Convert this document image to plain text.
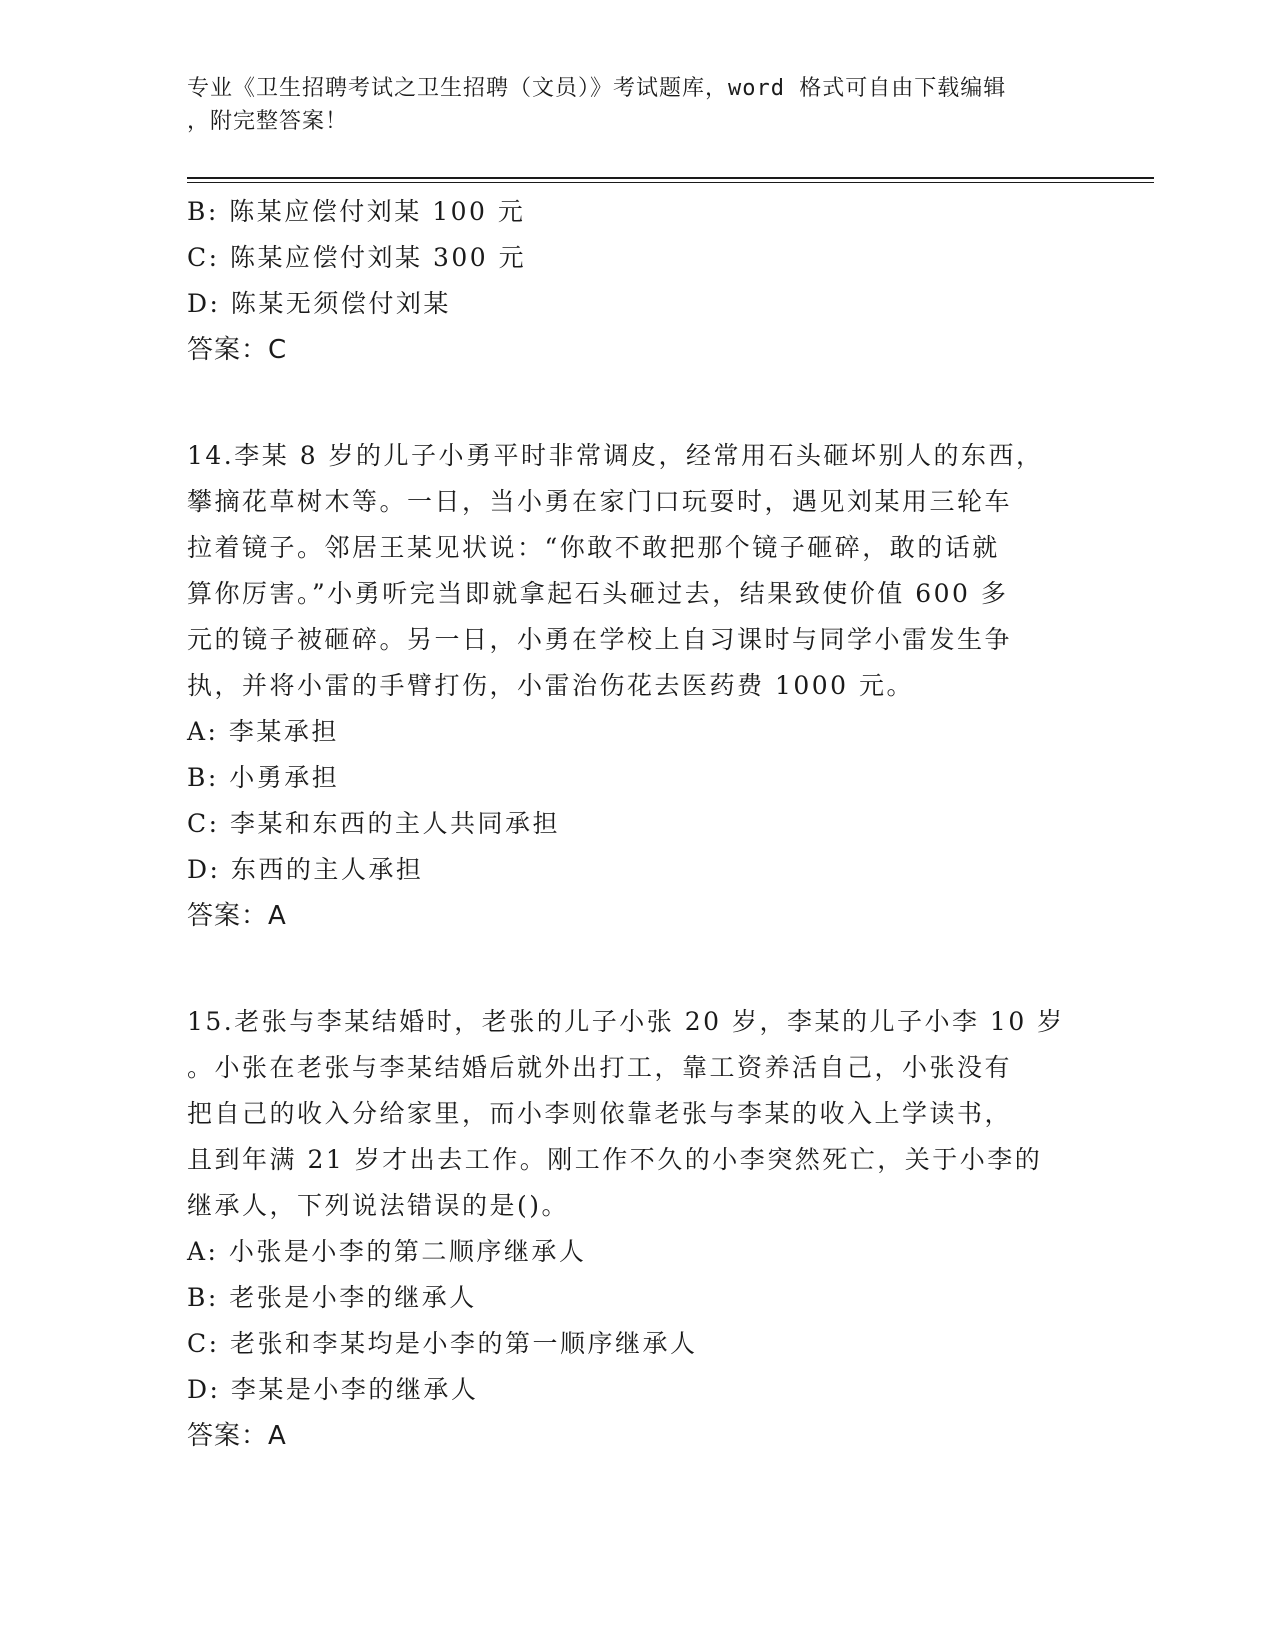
专业《卫生招聘考试之卫生招聘（文员）》考试题库，word 格式可自由下载编辑
，附完整答案！
B: 陈某应偿付刘某 100 元
C: 陈某应偿付刘某 300 元
D: 陈某无须偿付刘某
答案：C
14.李某 8 岁的儿子小勇平时非常调皮，经常用石头砸坏别人的东西，
攀摘花草树木等。一日，当小勇在家门口玩耍时，遇见刘某用三轮车
拉着镜子。邻居王某见状说：“你敢不敢把那个镜子砸碎，敢的话就
算你厉害。”小勇听完当即就拿起石头砸过去，结果致使价值 600 多
元的镜子被砸碎。另一日，小勇在学校上自习课时与同学小雷发生争
执，并将小雷的手臂打伤，小雷治伤花去医药费 1000 元。
A: 李某承担
B: 小勇承担
C: 李某和东西的主人共同承担
D: 东西的主人承担
答案：A
15.老张与李某结婚时，老张的儿子小张 20 岁，李某的儿子小李 10 岁
。小张在老张与李某结婚后就外出打工，靠工资养活自己，小张没有
把自己的收入分给家里，而小李则依靠老张与李某的收入上学读书，
且到年满 21 岁才出去工作。刚工作不久的小李突然死亡，关于小李的
继承人，下列说法错误的是()。
A: 小张是小李的第二顺序继承人
B: 老张是小李的继承人
C: 老张和李某均是小李的第一顺序继承人
D: 李某是小李的继承人
答案：A
